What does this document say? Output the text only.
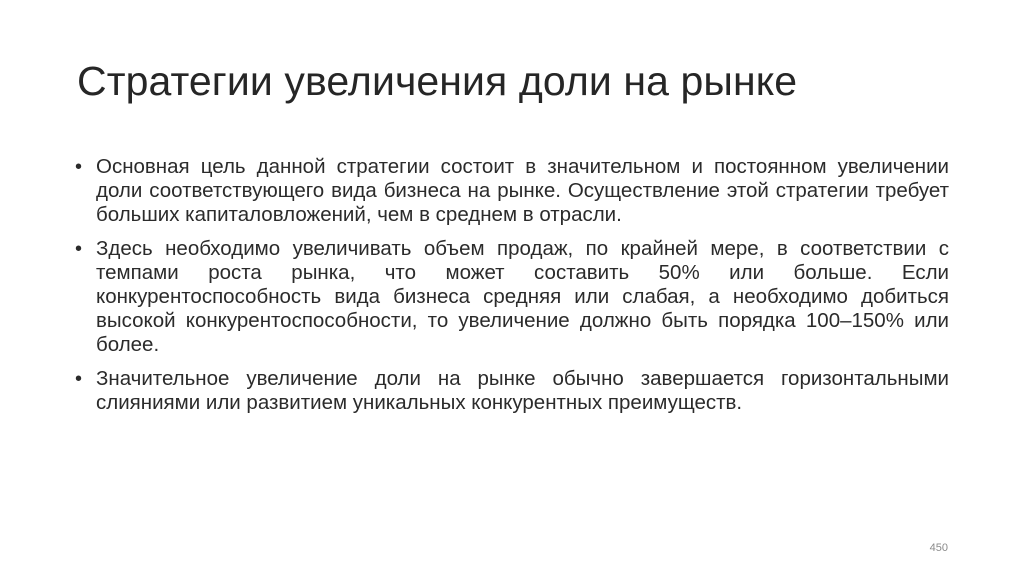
Стратегии увеличения доли на рынке
• Основная цель данной стратегии состоит в значительном и постоянном увеличении доли соответствующего вида бизнеса на рынке. Осуществление этой стратегии требует больших капиталовложений, чем в среднем в отрасли.
• Здесь необходимо увеличивать объем продаж, по крайней мере, в соответствии с темпами роста рынка, что может составить 50% или больше. Если конкурентоспособность вида бизнеса средняя или слабая, а необходимо добиться высокой конкурентоспособности, то увеличение должно быть порядка 100–150% или более.
• Значительное увеличение доли на рынке обычно завершается горизонтальными слияниями или развитием уникальных конкурентных преимуществ.
450
